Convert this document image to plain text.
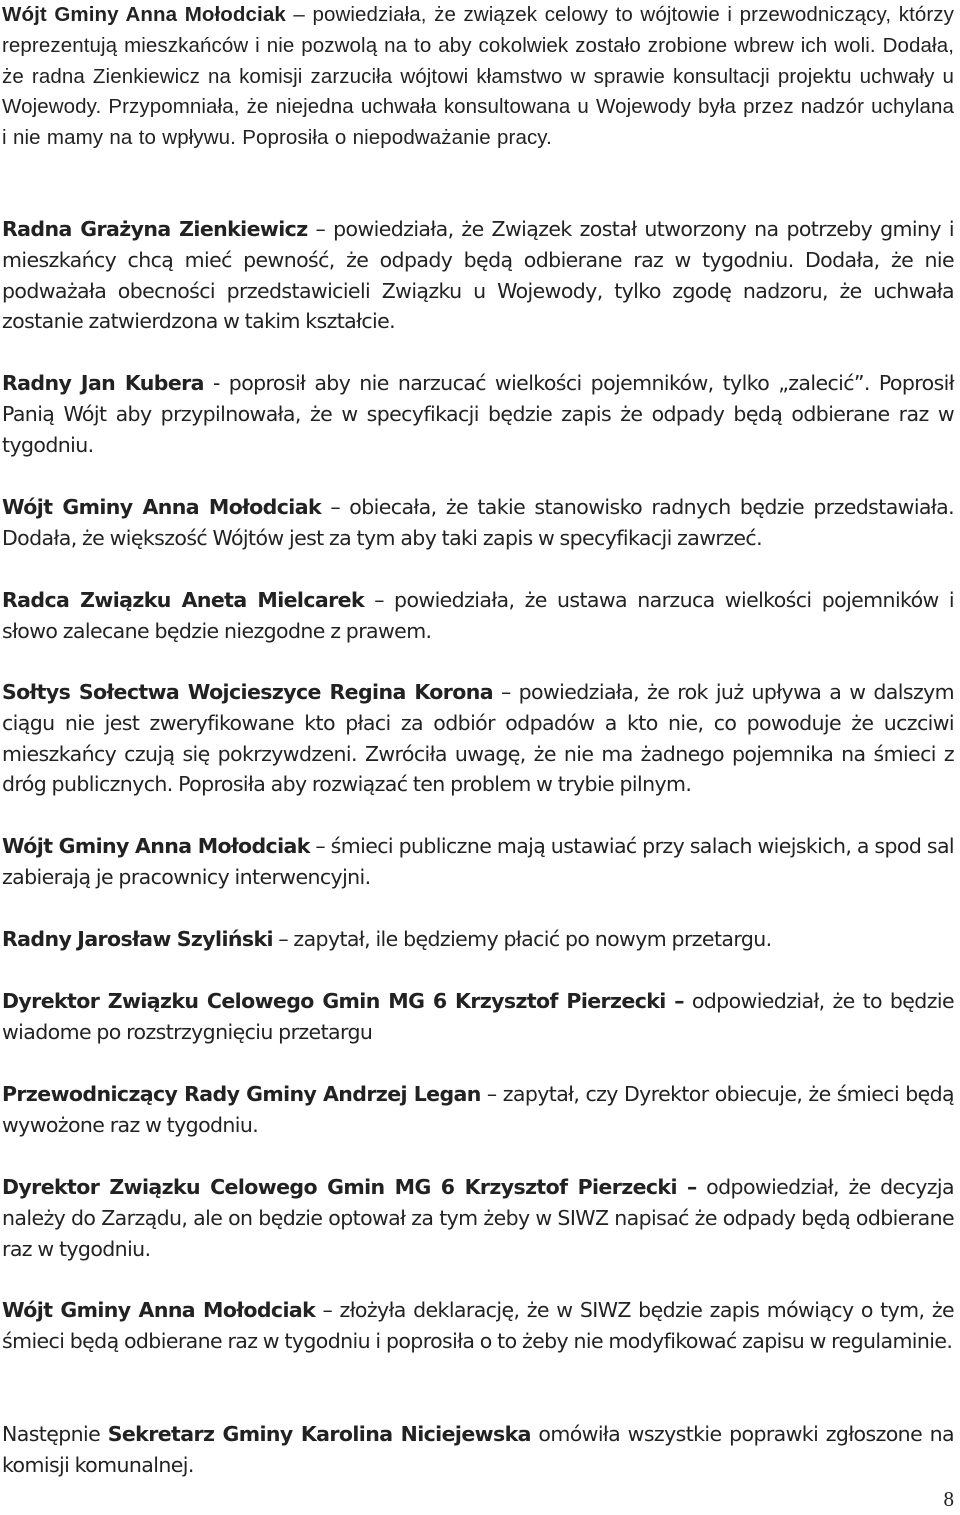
Wójt Gminy Anna Mołodciak – powiedziała, że związek celowy to wójtowie i przewodniczący, którzy reprezentują mieszkańców i nie pozwolą na to aby cokolwiek zostało zrobione wbrew ich woli. Dodała, że radna Zienkiewicz na komisji zarzuciła wójtowi kłamstwo w sprawie konsultacji projektu uchwały u Wojewody. Przypomniała, że niejedna uchwała konsultowana u Wojewody była przez nadzór uchylana i nie mamy na to wpływu. Poprosiła o niepodważanie pracy.

Radna Grażyna Zienkiewicz – powiedziała, że Związek został utworzony na potrzeby gminy i mieszkańcy chcą mieć pewność, że odpady będą odbierane raz w tygodniu. Dodała, że nie podważała obecności przedstawicieli Związku u Wojewody, tylko zgodę nadzoru, że uchwała zostanie zatwierdzona w takim kształcie.

Radny Jan Kubera - poprosił aby nie narzucać wielkości pojemników, tylko „zalecić”. Poprosił Panią Wójt aby przypilnowała, że w specyfikacji będzie zapis że odpady będą odbierane raz w tygodniu.

Wójt Gminy Anna Mołodciak – obiecała, że takie stanowisko radnych będzie przedstawiała. Dodała, że większość Wójtów jest za tym aby taki zapis w specyfikacji zawrzeć.

Radca Związku Aneta Mielcarek – powiedziała, że ustawa narzuca wielkości pojemników i słowo zalecane będzie niezgodne z prawem.

Sołtys Sołectwa Wojcieszyce Regina Korona – powiedziała, że rok już upływa a w dalszym ciągu nie jest zweryfikowane kto płaci za odbiór odpadów a kto nie, co powoduje że uczciwi mieszkańcy czują się pokrzywdzeni. Zwróciła uwagę, że nie ma żadnego pojemnika na śmieci z dróg publicznych. Poprosiła aby rozwiązać ten problem w trybie pilnym.

Wójt Gminy Anna Mołodciak – śmieci publiczne mają ustawiać przy salach wiejskich, a spod sal zabierają je pracownicy interwencyjni.

Radny Jarosław Szyliński – zapytał, ile będziemy płacić po nowym przetargu.

Dyrektor Związku Celowego Gmin MG 6 Krzysztof Pierzecki – odpowiedział, że to będzie wiadome po rozstrzygnięciu przetargu

Przewodniczący Rady Gminy Andrzej Legan – zapytał, czy Dyrektor obiecuje, że śmieci będą wywożone raz w tygodniu.

Dyrektor Związku Celowego Gmin MG 6 Krzysztof Pierzecki – odpowiedział, że decyzja należy do Zarządu, ale on będzie optował za tym żeby w SIWZ napisać że odpady będą odbierane raz w tygodniu.

Wójt Gminy Anna Mołodciak – złożyła deklarację, że w SIWZ będzie zapis mówiący o tym, że śmieci będą odbierane raz w tygodniu i poprosiła o to żeby nie modyfikować zapisu w regulaminie.

Następnie Sekretarz Gminy Karolina Niciejewska omówiła wszystkie poprawki zgłoszone na komisji komunalnej.

8
